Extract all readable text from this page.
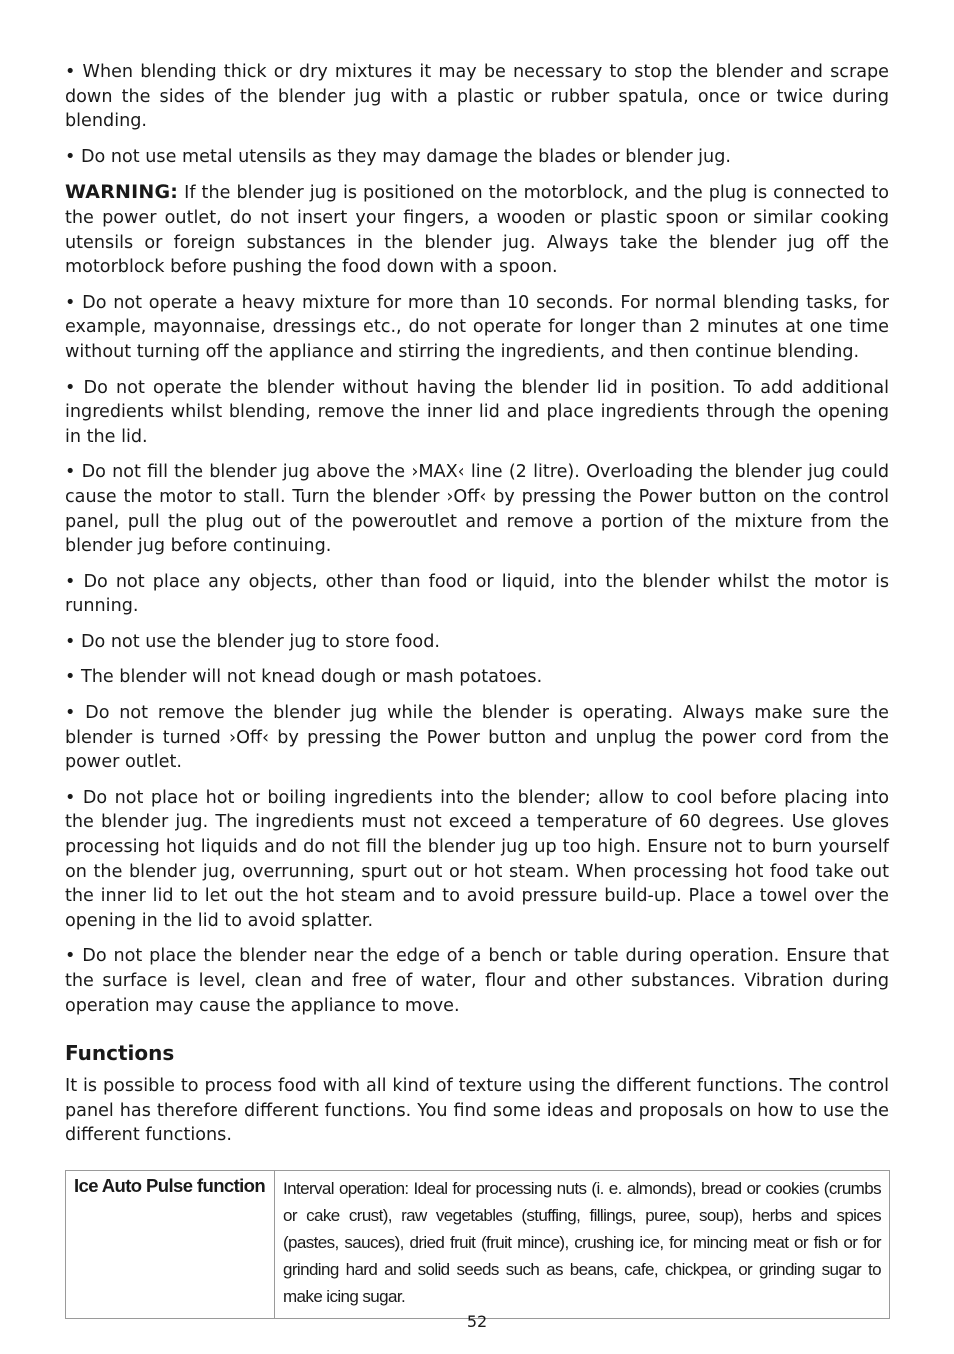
• When blending thick or dry mixtures it may be necessary to stop the blender and scrape down the sides of the blender jug with a plastic or rubber spatula, once or twice during blending.

• Do not use metal utensils as they may damage the blades or blender jug.

WARNING: If the blender jug is positioned on the motorblock, and the plug is connected to the power outlet, do not insert your fingers, a wooden or plastic spoon or similar cooking utensils or foreign substances in the blender jug. Always take the blender jug off the motorblock before pushing the food down with a spoon.

• Do not operate a heavy mixture for more than 10 seconds. For normal blending tasks, for example, mayonnaise, dressings etc., do not operate for longer than 2 minutes at one time without turning off the appliance and stirring the ingredients, and then continue blending.

• Do not operate the blender without having the blender lid in position. To add additional ingredients whilst blending, remove the inner lid and place ingredients through the opening in the lid.

• Do not fill the blender jug above the ›MAX‹ line (2 litre). Overloading the blender jug could cause the motor to stall. Turn the blender ›Off‹ by pressing the Power button on the control panel, pull the plug out of the poweroutlet and remove a portion of the mixture from the blender jug before continuing.

• Do not place any objects, other than food or liquid, into the blender whilst the motor is running.

• Do not use the blender jug to store food.

• The blender will not knead dough or mash potatoes.

• Do not remove the blender jug while the blender is operating. Always make sure the blender is turned ›Off‹ by pressing the Power button and unplug the power cord from the power outlet.

• Do not place hot or boiling ingredients into the blender; allow to cool before placing into the blender jug. The ingredients must not exceed a temperature of 60 degrees. Use gloves processing hot liquids and do not fill the blender jug up too high. Ensure not to burn yourself on the blender jug, overrunning, spurt out or hot steam. When processing hot food take out the inner lid to let out the hot steam and to avoid pressure build-up. Place a towel over the opening in the lid to avoid splatter.

• Do not place the blender near the edge of a bench or table during operation. Ensure that the surface is level, clean and free of water, flour and other substances. Vibration during operation may cause the appliance to move.

Functions

It is possible to process food with all kind of texture using the different functions. The control panel has therefore different functions. You find some ideas and proposals on how to use the different functions.

Ice Auto Pulse function	Interval operation: Ideal for processing nuts (i. e. almonds), bread or cookies (crumbs or cake crust), raw vegetables (stuffing, fillings, puree, soup), herbs and spices (pastes, sauces), dried fruit (fruit mince), crushing ice, for mincing meat or fish or for grinding hard and solid seeds such as beans, cafe, chickpea, or grinding sugar to make icing sugar.
52
